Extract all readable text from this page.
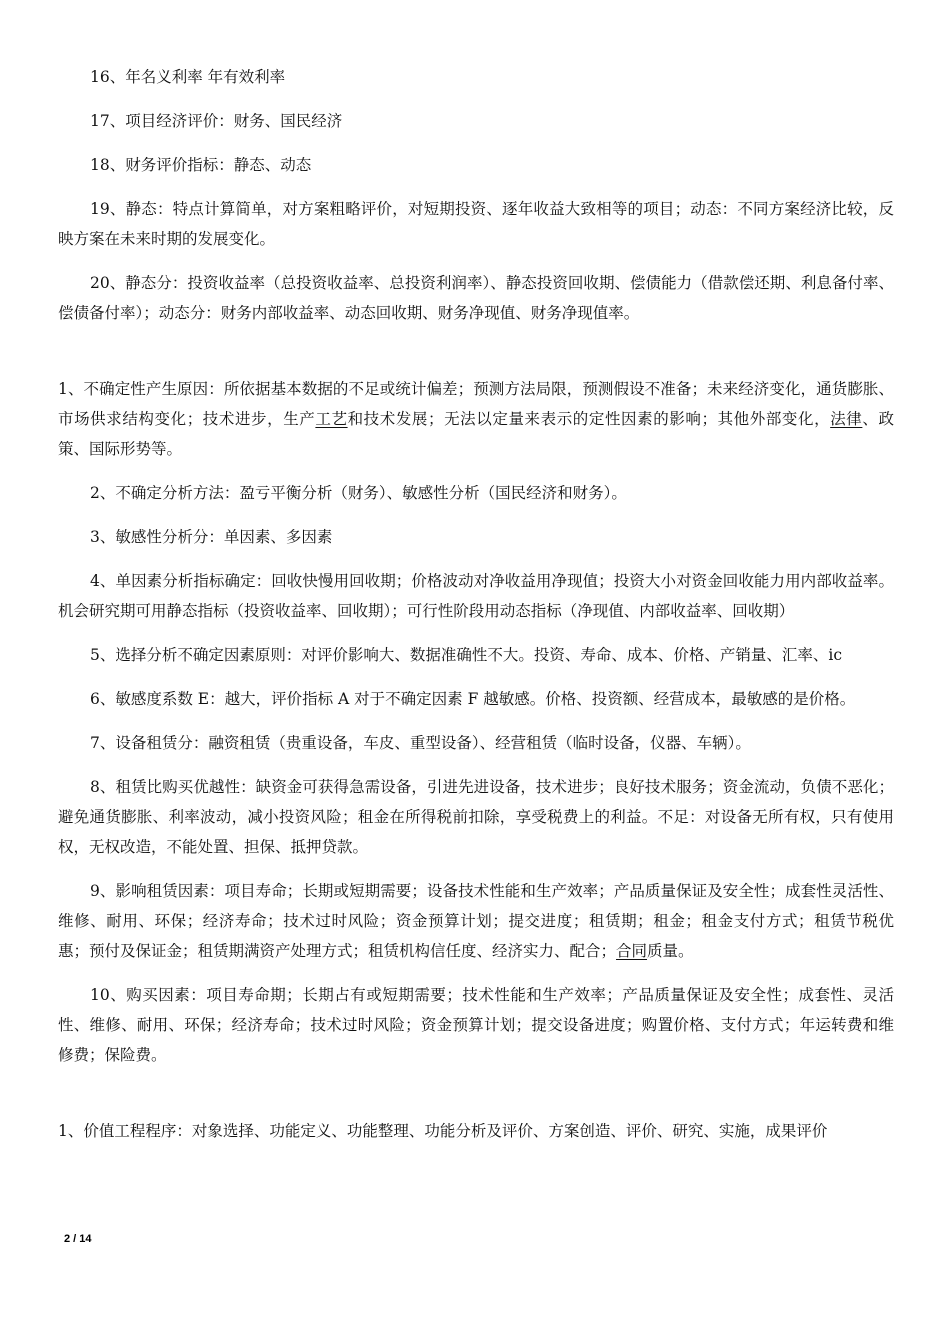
16、年名义利率 年有效利率

17、项目经济评价：财务、国民经济

18、财务评价指标：静态、动态

19、静态：特点计算简单，对方案粗略评价，对短期投资、逐年收益大致相等的项目；动态：不同方案经济比较，反映方案在未来时期的发展变化。

20、静态分：投资收益率（总投资收益率、总投资利润率）、静态投资回收期、偿债能力（借款偿还期、利息备付率、偿债备付率）；动态分：财务内部收益率、动态回收期、财务净现值、财务净现值率。

1、不确定性产生原因：所依据基本数据的不足或统计偏差；预测方法局限，预测假设不准备；未来经济变化，通货膨胀、市场供求结构变化；技术进步，生产工艺和技术发展；无法以定量来表示的定性因素的影响；其他外部变化，法律、政策、国际形势等。

2、不确定分析方法：盈亏平衡分析（财务）、敏感性分析（国民经济和财务）。

3、敏感性分析分：单因素、多因素

4、单因素分析指标确定：回收快慢用回收期；价格波动对净收益用净现值；投资大小对资金回收能力用内部收益率。机会研究期可用静态指标（投资收益率、回收期）；可行性阶段用动态指标（净现值、内部收益率、回收期）

5、选择分析不确定因素原则：对评价影响大、数据准确性不大。投资、寿命、成本、价格、产销量、汇率、ic

6、敏感度系数 E：越大，评价指标 A 对于不确定因素 F 越敏感。价格、投资额、经营成本，最敏感的是价格。

7、设备租赁分：融资租赁（贵重设备，车皮、重型设备）、经营租赁（临时设备，仪器、车辆）。

8、租赁比购买优越性：缺资金可获得急需设备，引进先进设备，技术进步；良好技术服务；资金流动，负债不恶化；避免通货膨胀、利率波动，减小投资风险；租金在所得税前扣除，享受税费上的利益。不足：对设备无所有权，只有使用权，无权改造，不能处置、担保、抵押贷款。

9、影响租赁因素：项目寿命；长期或短期需要；设备技术性能和生产效率；产品质量保证及安全性；成套性灵活性、维修、耐用、环保；经济寿命；技术过时风险；资金预算计划；提交进度；租赁期；租金；租金支付方式；租赁节税优惠；预付及保证金；租赁期满资产处理方式；租赁机构信任度、经济实力、配合；合同质量。

10、购买因素：项目寿命期；长期占有或短期需要；技术性能和生产效率；产品质量保证及安全性；成套性、灵活性、维修、耐用、环保；经济寿命；技术过时风险；资金预算计划；提交设备进度；购置价格、支付方式；年运转费和维修费；保险费。

1、价值工程程序：对象选择、功能定义、功能整理、功能分析及评价、方案创造、评价、研究、实施，成果评价

2 / 14
